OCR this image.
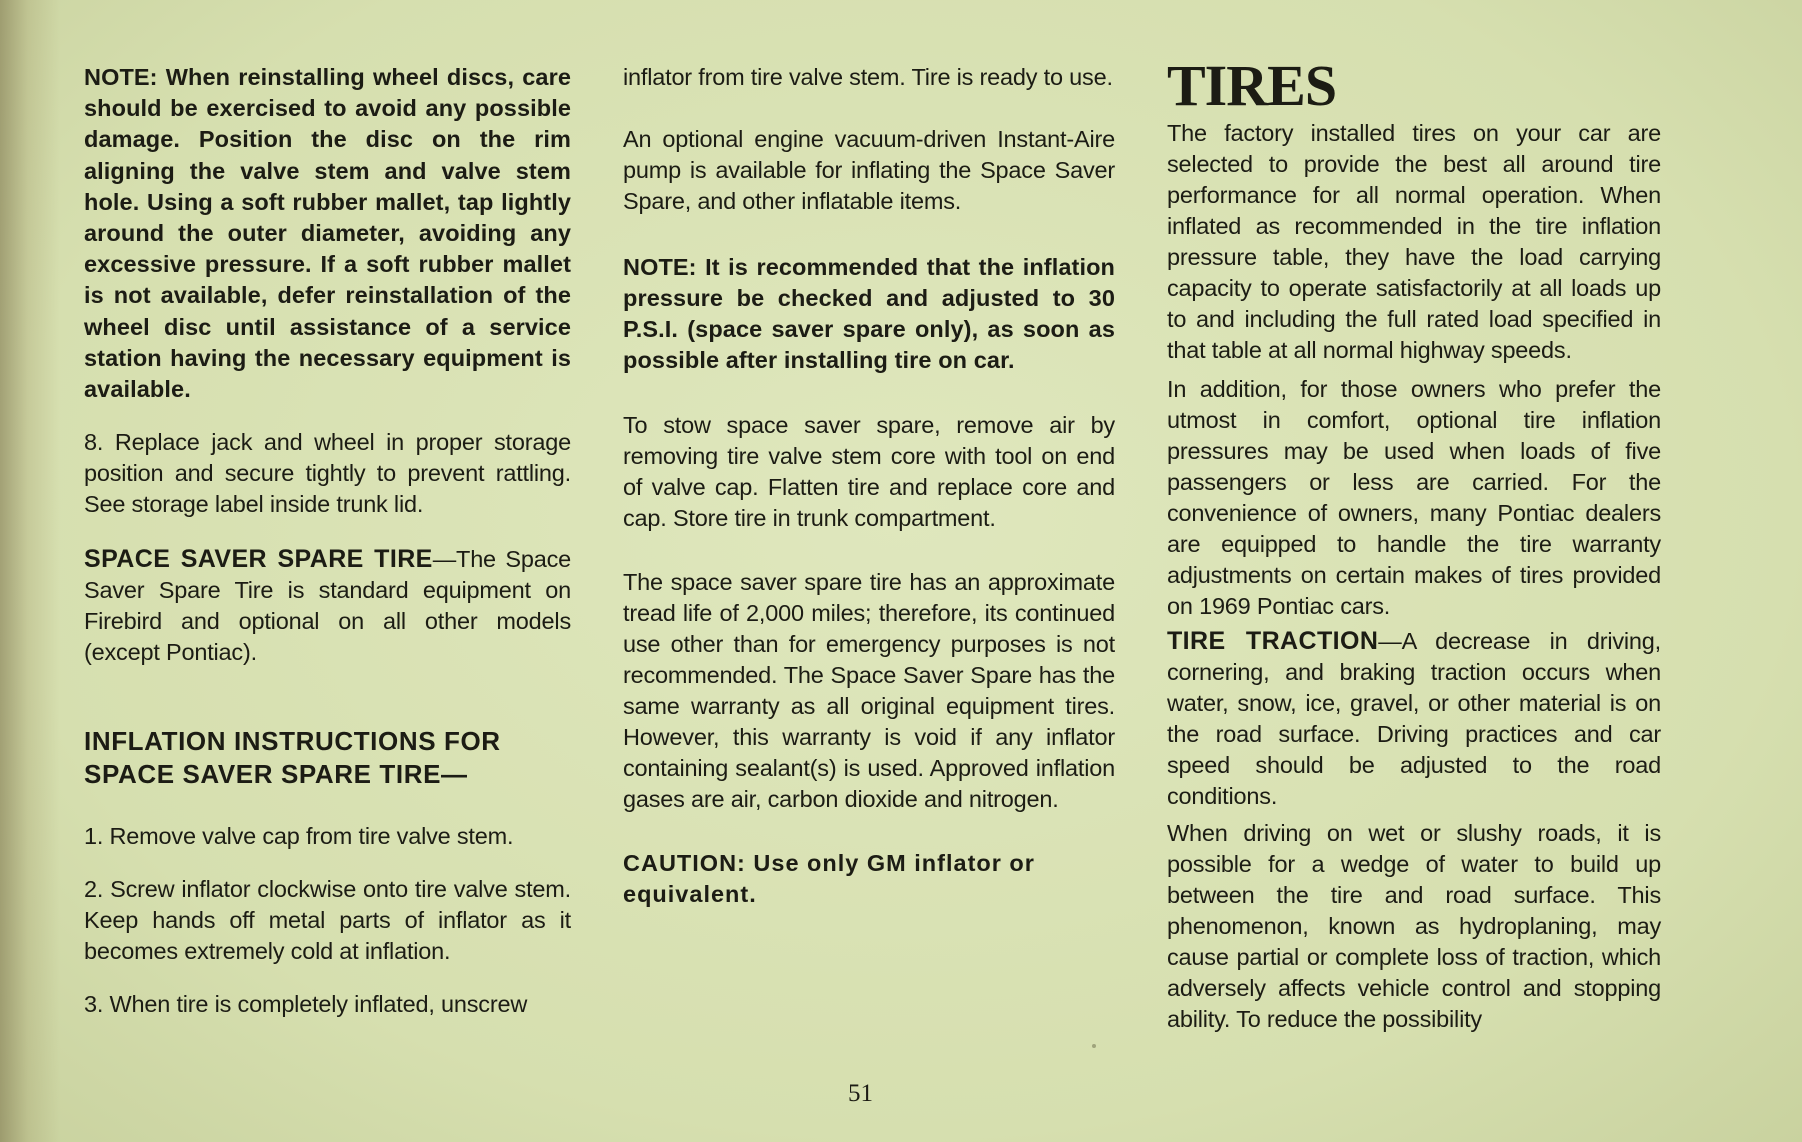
NOTE: When reinstalling wheel discs, care should be exercised to avoid any possible damage. Position the disc on the rim aligning the valve stem and valve stem hole. Using a soft rubber mallet, tap lightly around the outer diameter, avoiding any excessive pressure. If a soft rubber mallet is not available, defer reinstallation of the wheel disc until assistance of a service station having the necessary equipment is available.

8. Replace jack and wheel in proper storage position and secure tightly to prevent rattling. See storage label inside trunk lid.

SPACE SAVER SPARE TIRE—The Space Saver Spare Tire is standard equipment on Firebird and optional on all other models (except Pontiac).

INFLATION INSTRUCTIONS FOR

SPACE SAVER SPARE TIRE—

1. Remove valve cap from tire valve stem.

2. Screw inflator clockwise onto tire valve stem. Keep hands off metal parts of inflator as it becomes extremely cold at inflation.

3. When tire is completely inflated, unscrew

inflator from tire valve stem. Tire is ready to use.

An optional engine vacuum-driven Instant-Aire pump is available for inflating the Space Saver Spare, and other inflatable items.

NOTE: It is recommended that the inflation pressure be checked and adjusted to 30 P.S.I. (space saver spare only), as soon as possible after installing tire on car.

To stow space saver spare, remove air by removing tire valve stem core with tool on end of valve cap. Flatten tire and replace core and cap. Store tire in trunk compartment.

The space saver spare tire has an approximate tread life of 2,000 miles; therefore, its continued use other than for emergency purposes is not recommended. The Space Saver Spare has the same warranty as all original equipment tires. However, this warranty is void if any inflator containing sealant(s) is used. Approved inflation gases are air, carbon dioxide and nitrogen.

CAUTION: Use only GM inflator or equivalent.

TIRES

The factory installed tires on your car are selected to provide the best all around tire performance for all normal operation. When inflated as recommended in the tire inflation pressure table, they have the load carrying capacity to operate satisfactorily at all loads up to and including the full rated load specified in that table at all normal highway speeds.

In addition, for those owners who prefer the utmost in comfort, optional tire inflation pressures may be used when loads of five passengers or less are carried. For the convenience of owners, many Pontiac dealers are equipped to handle the tire warranty adjustments on certain makes of tires provided on 1969 Pontiac cars.

TIRE TRACTION—A decrease in driving, cornering, and braking traction occurs when water, snow, ice, gravel, or other material is on the road surface. Driving practices and car speed should be adjusted to the road conditions.

When driving on wet or slushy roads, it is possible for a wedge of water to build up between the tire and road surface. This phenomenon, known as hydroplaning, may cause partial or complete loss of traction, which adversely affects vehicle control and stopping ability. To reduce the possibility

51
